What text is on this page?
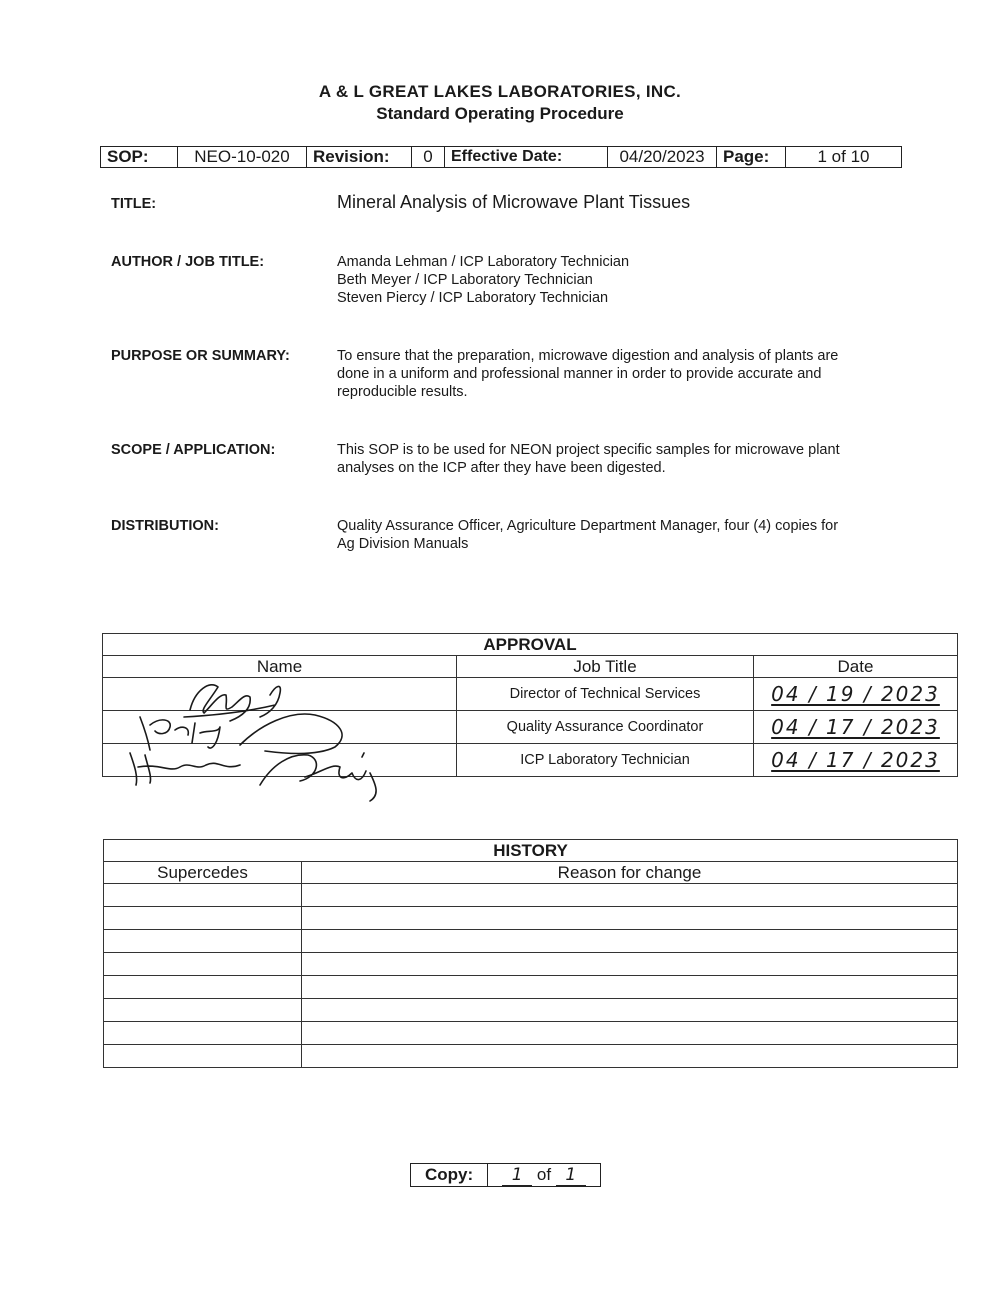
A & L GREAT LAKES LABORATORIES, INC.
Standard Operating Procedure
SOP:	NEO-10-020	Revision:	0	Effective Date:	04/20/2023	Page:	1 of 10
TITLE:	Mineral Analysis of Microwave Plant Tissues
AUTHOR / JOB TITLE:	Amanda Lehman / ICP Laboratory Technician
Beth Meyer / ICP Laboratory Technician
Steven Piercy / ICP Laboratory Technician
PURPOSE OR SUMMARY:	To ensure that the preparation, microwave digestion and analysis of plants are
done in a uniform and professional manner in order to provide accurate and
reproducible results.
SCOPE / APPLICATION:	This SOP is to be used for NEON project specific samples for microwave plant
analyses on the ICP after they have been digested.
DISTRIBUTION:	Quality Assurance Officer, Agriculture Department Manager, four (4) copies for
Ag Division Manuals
APPROVAL		
Name	Job Title	Date
	Director of Technical Services	04 / 19 / 2023
	Quality Assurance Coordinator	04 / 17 / 2023
	ICP Laboratory Technician	04 / 17 / 2023
HISTORY	
Supercedes	Reason for change

Copy:	1 of 1
